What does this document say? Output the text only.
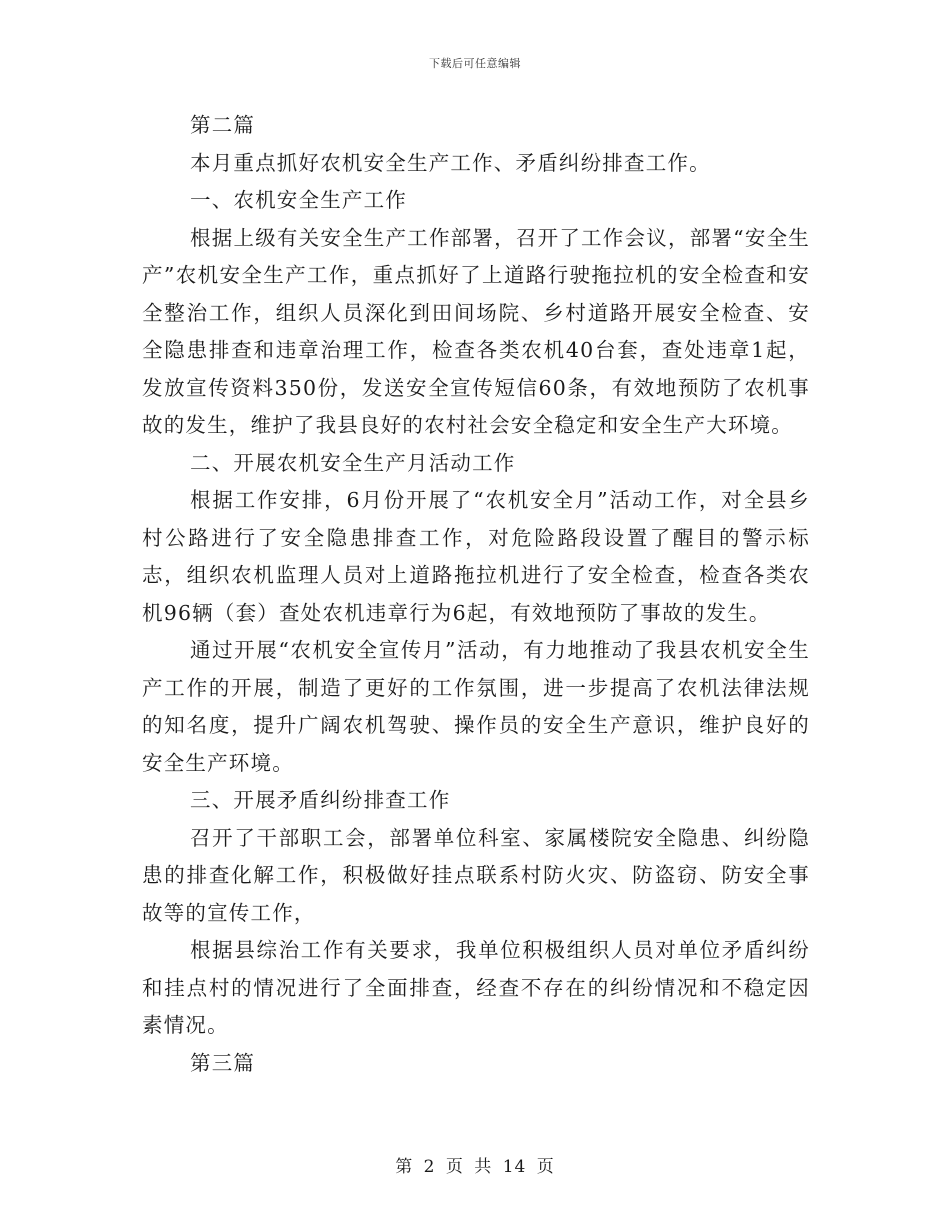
下载后可任意编辑

第二篇

本月重点抓好农机安全生产工作、矛盾纠纷排查工作。

一、农机安全生产工作

根据上级有关安全生产工作部署，召开了工作会议，部署“安全生产”农机安全生产工作，重点抓好了上道路行驶拖拉机的安全检查和安全整治工作，组织人员深化到田间场院、乡村道路开展安全检查、安全隐患排查和违章治理工作，检查各类农机40台套，查处违章1起，发放宣传资料350份，发送安全宣传短信60条，有效地预防了农机事故的发生，维护了我县良好的农村社会安全稳定和安全生产大环境。

二、开展农机安全生产月活动工作

根据工作安排，6月份开展了“农机安全月”活动工作，对全县乡村公路进行了安全隐患排查工作，对危险路段设置了醒目的警示标志，组织农机监理人员对上道路拖拉机进行了安全检查，检查各类农机96辆（套）查处农机违章行为6起，有效地预防了事故的发生。

通过开展“农机安全宣传月”活动，有力地推动了我县农机安全生产工作的开展，制造了更好的工作氛围，进一步提高了农机法律法规的知名度，提升广阔农机驾驶、操作员的安全生产意识，维护良好的安全生产环境。

三、开展矛盾纠纷排查工作

召开了干部职工会，部署单位科室、家属楼院安全隐患、纠纷隐患的排查化解工作，积极做好挂点联系村防火灾、防盗窃、防安全事故等的宣传工作，

根据县综治工作有关要求，我单位积极组织人员对单位矛盾纠纷和挂点村的情况进行了全面排查，经查不存在的纠纷情况和不稳定因素情况。

第三篇

第 2 页 共 14 页
